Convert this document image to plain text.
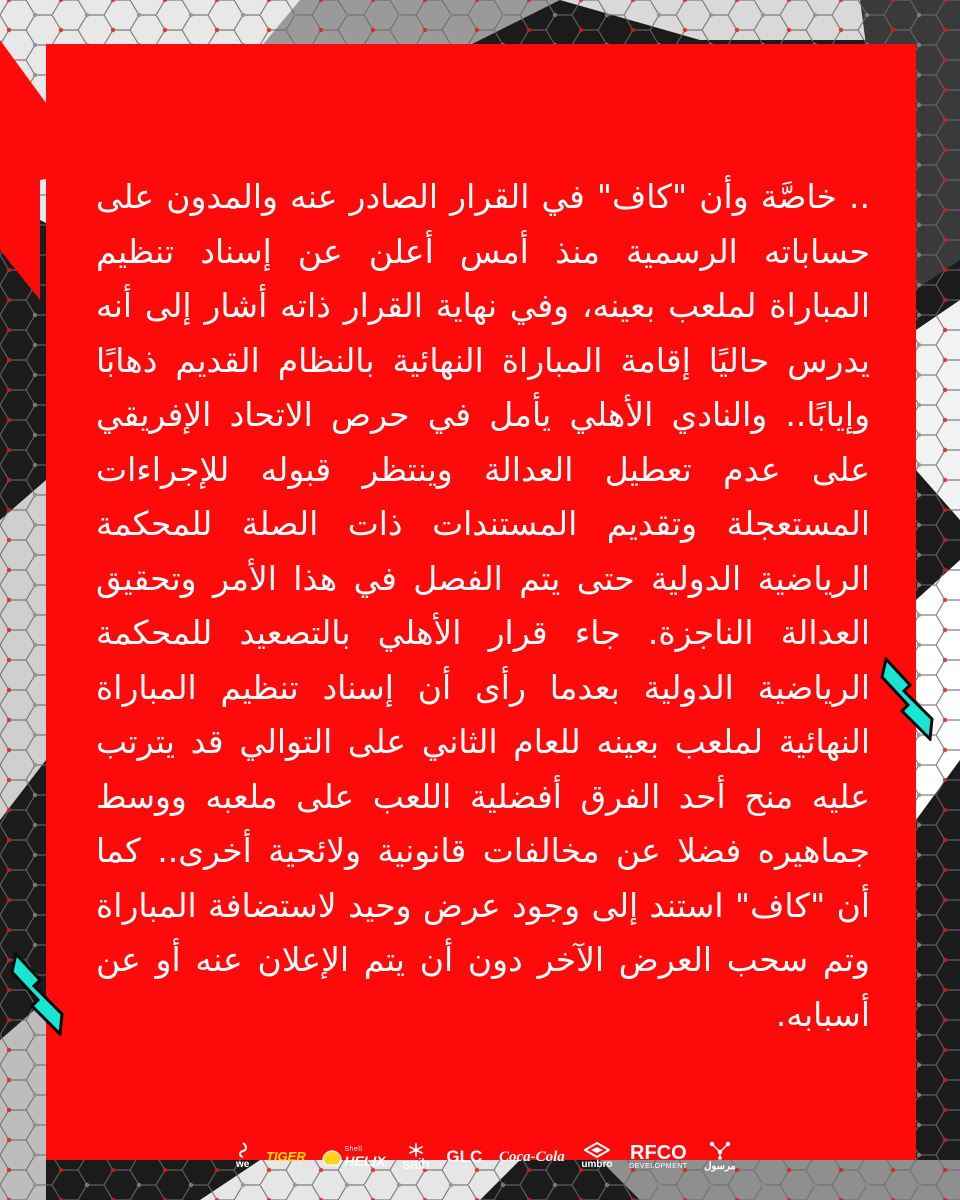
.. خاصَّة وأن "كاف" في القرار الصادر عنه والمدون على حساباته الرسمية منذ أمس أعلن عن إسناد تنظيم المباراة لملعب بعينه، وفي نهاية القرار ذاته أشار إلى أنه يدرس حاليًا إقامة المباراة النهائية بالنظام القديم ذهابًا وإيابًا.. والنادي الأهلي يأمل في حرص الاتحاد الإفريقي على عدم تعطيل العدالة وينتظر قبوله للإجراءات المستعجلة وتقديم المستندات ذات الصلة للمحكمة الرياضية الدولية حتى يتم الفصل في هذا الأمر وتحقيق العدالة الناجزة. جاء قرار الأهلي بالتصعيد للمحكمة الرياضية الدولية بعدما رأى أن إسناد تنظيم المباراة النهائية لملعب بعينه للعام الثاني على التوالي قد يترتب عليه منح أحد الفرق أفضلية اللعب على ملعبه ووسط جماهيره فضلا عن مخالفات قانونية ولائحية أخرى.. كما أن "كاف" استند إلى وجود عرض وحيد لاستضافة المباراة وتم سحب العرض الآخر دون أن يتم الإعلان عنه أو عن أسبابه.

مرسول
RFCO
DEVELOPMENT
umbro
Coca-Cola
GLC
saib
Shell
HELIX
TIGER
we
